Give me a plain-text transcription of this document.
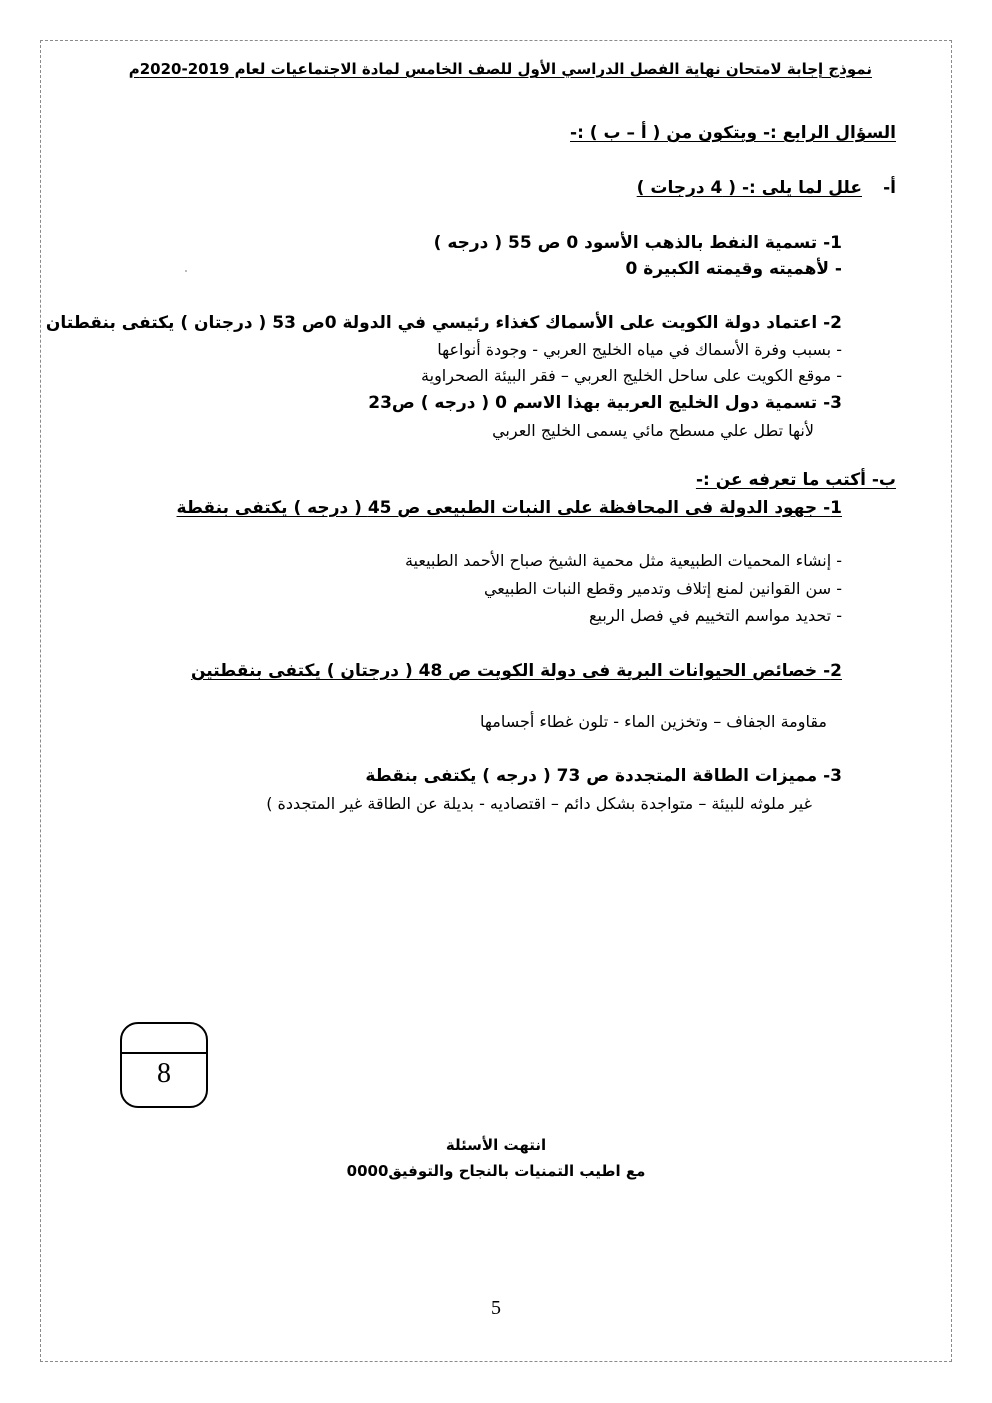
نموذج إجابة لامتحان نهاية الفصل الدراسي الأول للصف الخامس لمادة الاجتماعيات لعام 2019-2020م
السؤال الرابع :- ويتكون من ( أ – ب ) :-
أ-
علل لما يلى :- ( 4 درجات )
1- تسمية النفط بالذهب الأسود 0 ص 55 ( درجه )
- لأهميته وقيمته الكبيرة 0
2- اعتماد دولة الكويت على الأسماك كغذاء رئيسي في الدولة 0ص 53 ( درجتان ) يكتفى بنقطتان
- بسبب وفرة الأسماك في مياه الخليج العربي - وجودة أنواعها
- موقع الكويت على ساحل الخليج العربي – فقر البيئة الصحراوية
3- تسمية دول الخليج العربية بهذا الاسم 0 ( درجه ) ص23
لأنها تطل علي مسطح مائي يسمى الخليج العربي
ب- أكتب ما تعرفه عن :-
1- جهود الدولة فى المحافظة على النبات الطبيعى ص 45 ( درجه ) يكتفى بنقطة
- إنشاء المحميات الطبيعية مثل محمية الشيخ صباح الأحمد الطبيعية
- سن القوانين لمنع إتلاف وتدمير وقطع النبات الطبيعي
- تحديد مواسم التخييم في فصل الربيع
2- خصائص الحيوانات البرية فى دولة الكويت ص 48 ( درجتان ) يكتفى بنقطتين
مقاومة الجفاف – وتخزين الماء - تلون غطاء أجسامها
3- مميزات الطاقة المتجددة ص 73 ( درجه ) يكتفى بنقطة
غير ملوثه للبيئة – متواجدة بشكل دائم – اقتصاديه - بديلة عن الطاقة غير المتجددة )
8
انتهت الأسئلة
مع اطيب التمنيات بالنجاح والتوفيق0000
5
